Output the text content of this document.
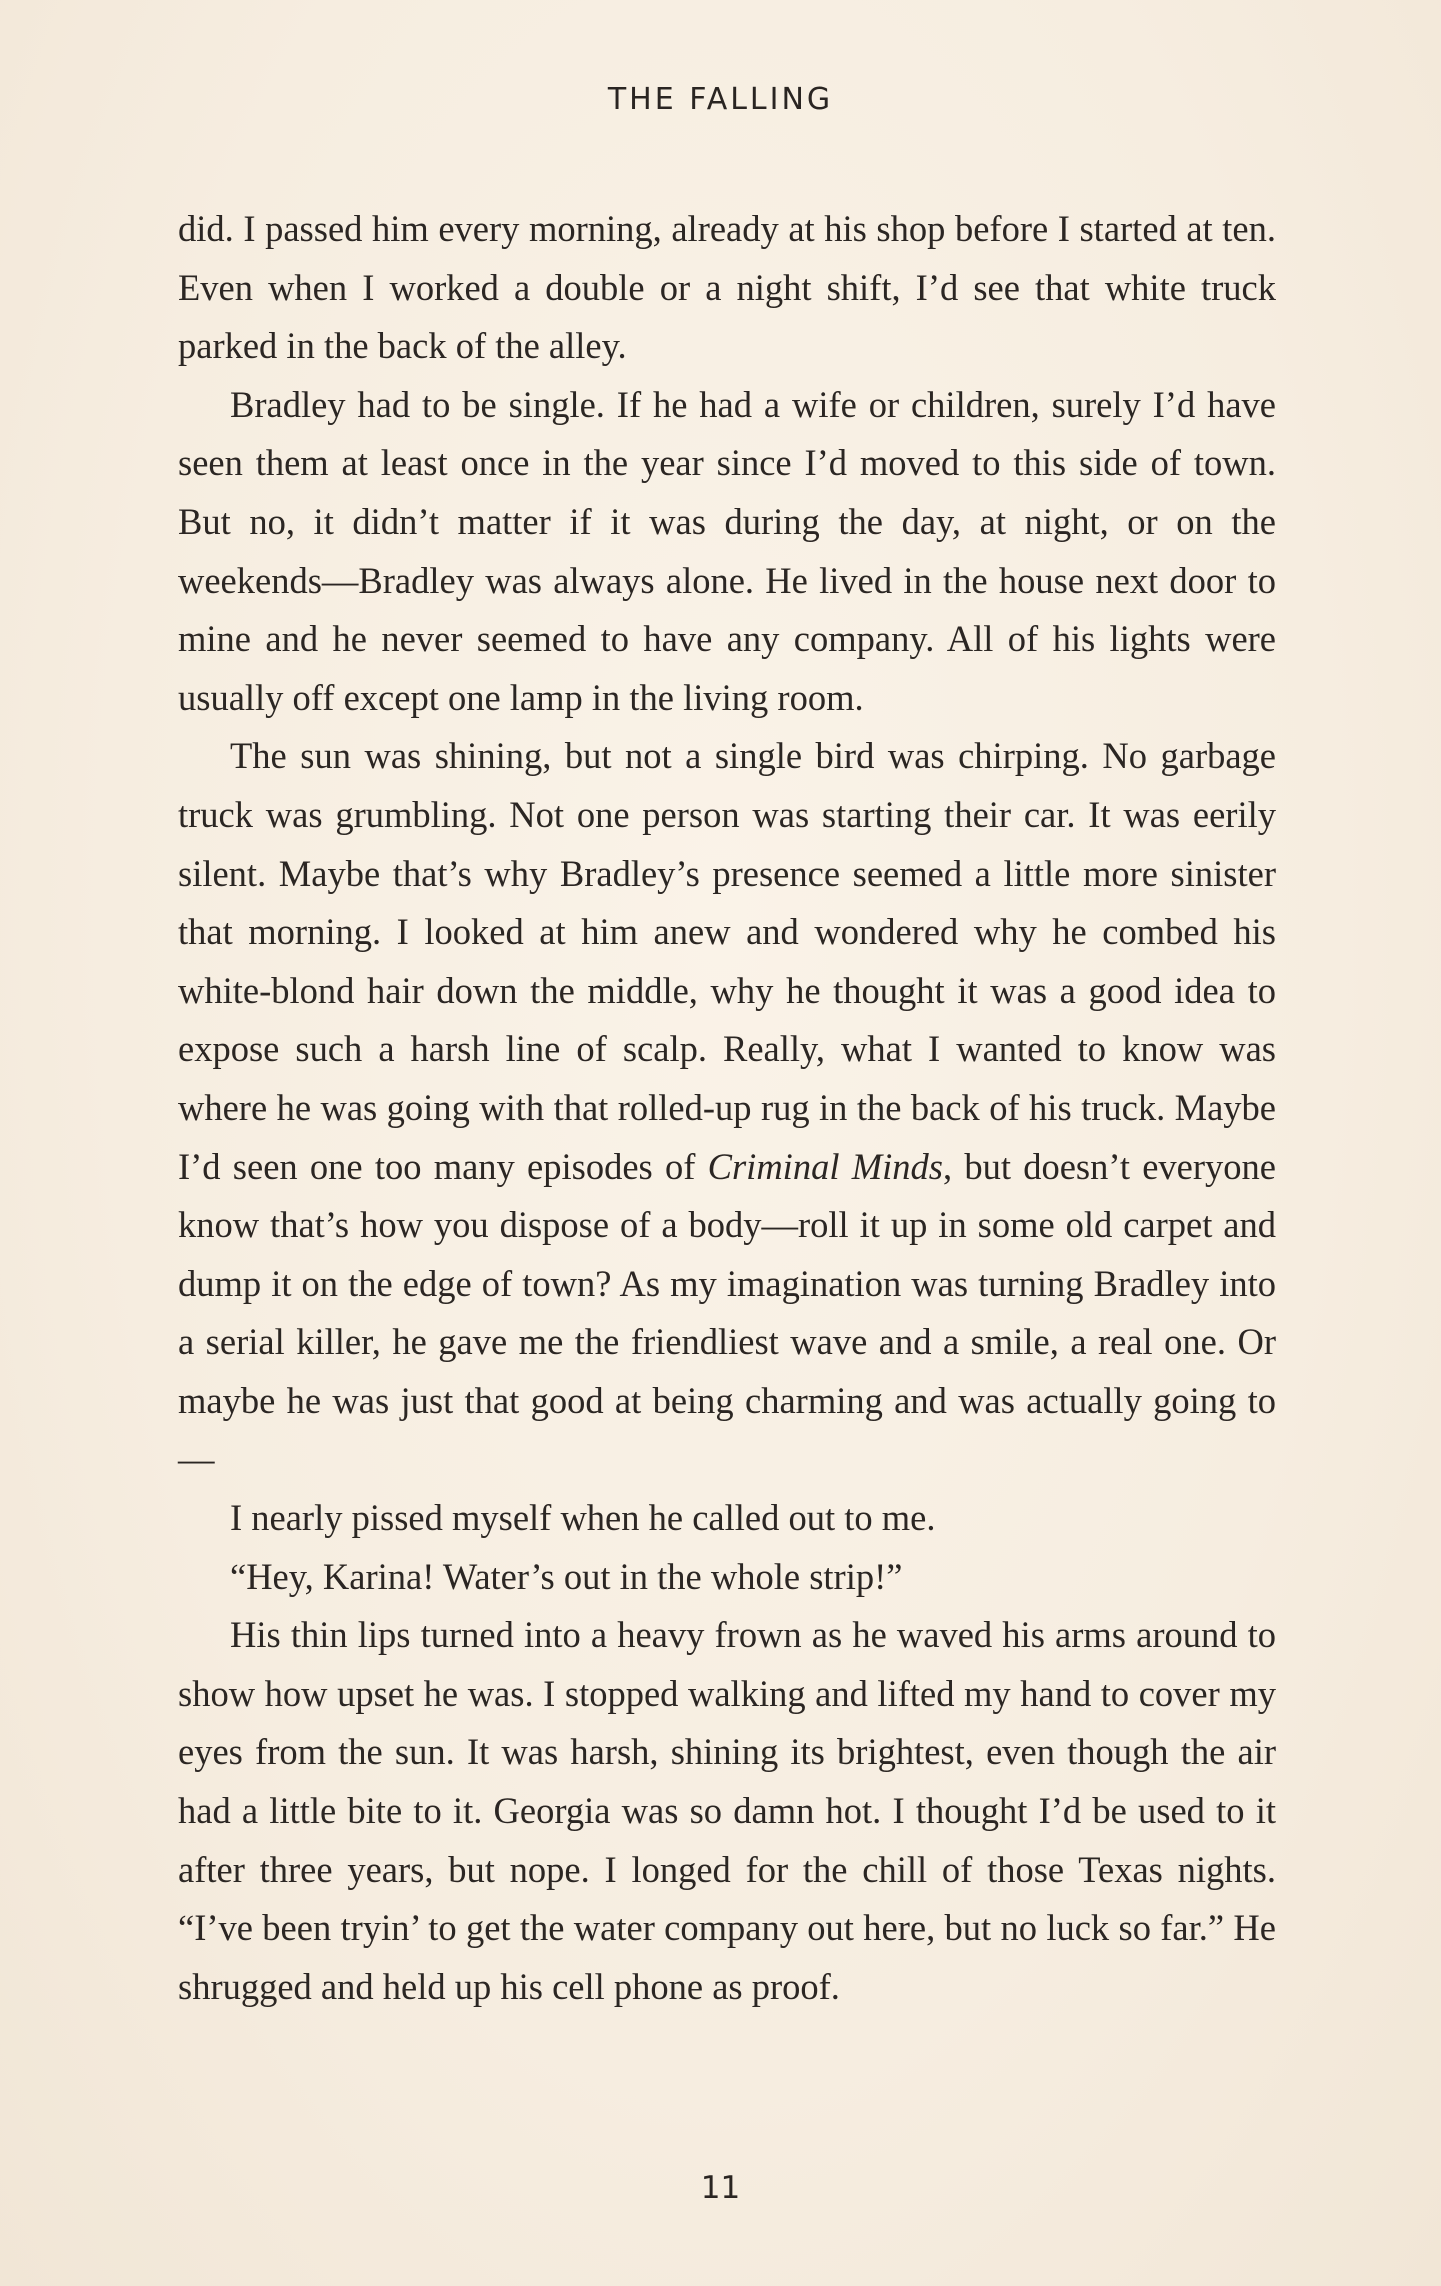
THE FALLING

did. I passed him every morning, already at his shop before I started at ten. Even when I worked a double or a night shift, I’d see that white truck parked in the back of the alley.

Bradley had to be single. If he had a wife or children, surely I’d have seen them at least once in the year since I’d moved to this side of town. But no, it didn’t matter if it was during the day, at night, or on the weekends—Bradley was always alone. He lived in the house next door to mine and he never seemed to have any company. All of his lights were usually off except one lamp in the living room.

The sun was shining, but not a single bird was chirping. No garbage truck was grumbling. Not one person was starting their car. It was eerily silent. Maybe that’s why Bradley’s presence seemed a little more sinister that morning. I looked at him anew and wondered why he combed his white-blond hair down the middle, why he thought it was a good idea to expose such a harsh line of scalp. Really, what I wanted to know was where he was going with that rolled-up rug in the back of his truck. Maybe I’d seen one too many episodes of Criminal Minds, but doesn’t everyone know that’s how you dispose of a body—roll it up in some old carpet and dump it on the edge of town? As my imagination was turning Bradley into a serial killer, he gave me the friendliest wave and a smile, a real one. Or maybe he was just that good at being charming and was actually going to—

I nearly pissed myself when he called out to me.

“Hey, Karina! Water’s out in the whole strip!”

His thin lips turned into a heavy frown as he waved his arms around to show how upset he was. I stopped walking and lifted my hand to cover my eyes from the sun. It was harsh, shining its brightest, even though the air had a little bite to it. Georgia was so damn hot. I thought I’d be used to it after three years, but nope. I longed for the chill of those Texas nights. “I’ve been tryin’ to get the water company out here, but no luck so far.” He shrugged and held up his cell phone as proof.

11
